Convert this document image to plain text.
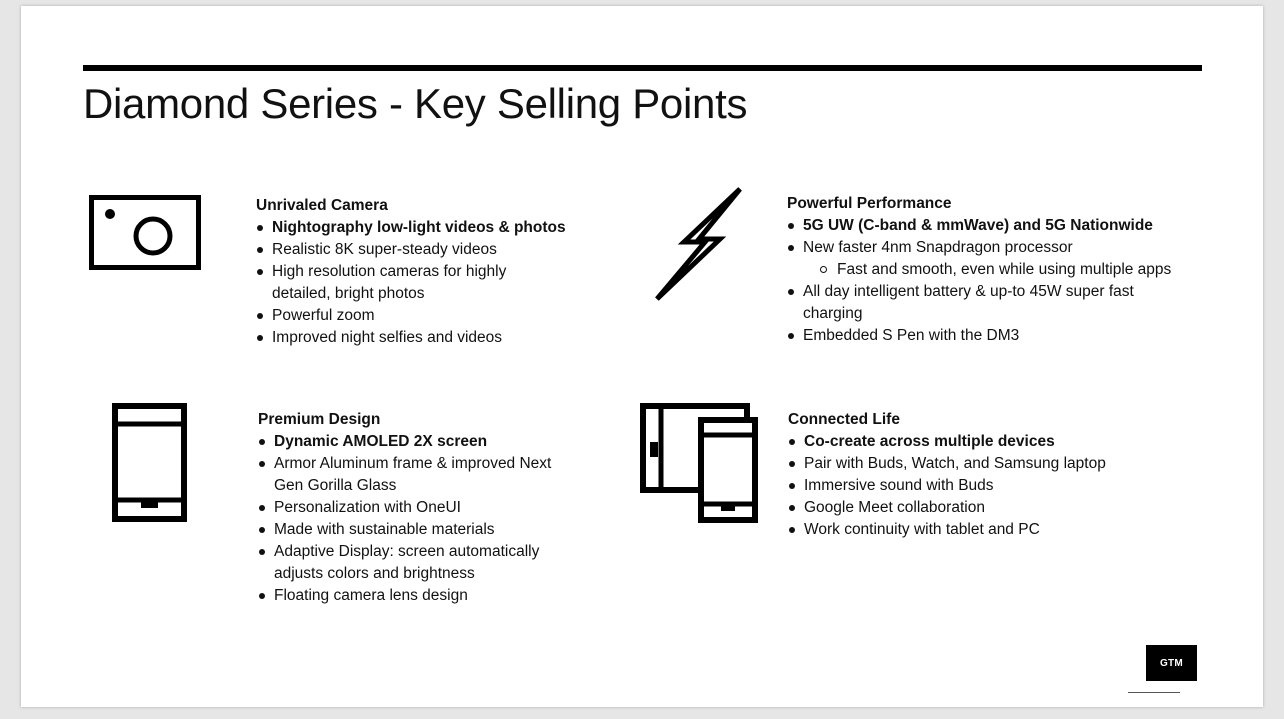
Diamond Series - Key Selling Points
Unrivaled Camera
Nightography low-light videos & photos
Realistic 8K super-steady videos
High resolution cameras for highly detailed, bright photos
Powerful zoom
Improved night selfies and videos
Powerful Performance
5G UW (C-band & mmWave) and 5G Nationwide
New faster 4nm Snapdragon processor
Fast and smooth, even while using multiple apps
All day intelligent battery & up-to 45W super fast charging
Embedded S Pen with the DM3
Premium Design
Dynamic AMOLED 2X screen
Armor Aluminum frame & improved Next Gen Gorilla Glass
Personalization with OneUI
Made with sustainable materials
Adaptive Display: screen automatically adjusts colors and brightness
Floating camera lens design
Connected Life
Co-create across multiple devices
Pair with Buds, Watch, and Samsung laptop
Immersive sound with Buds
Google Meet collaboration
Work continuity with tablet and PC
GTM
